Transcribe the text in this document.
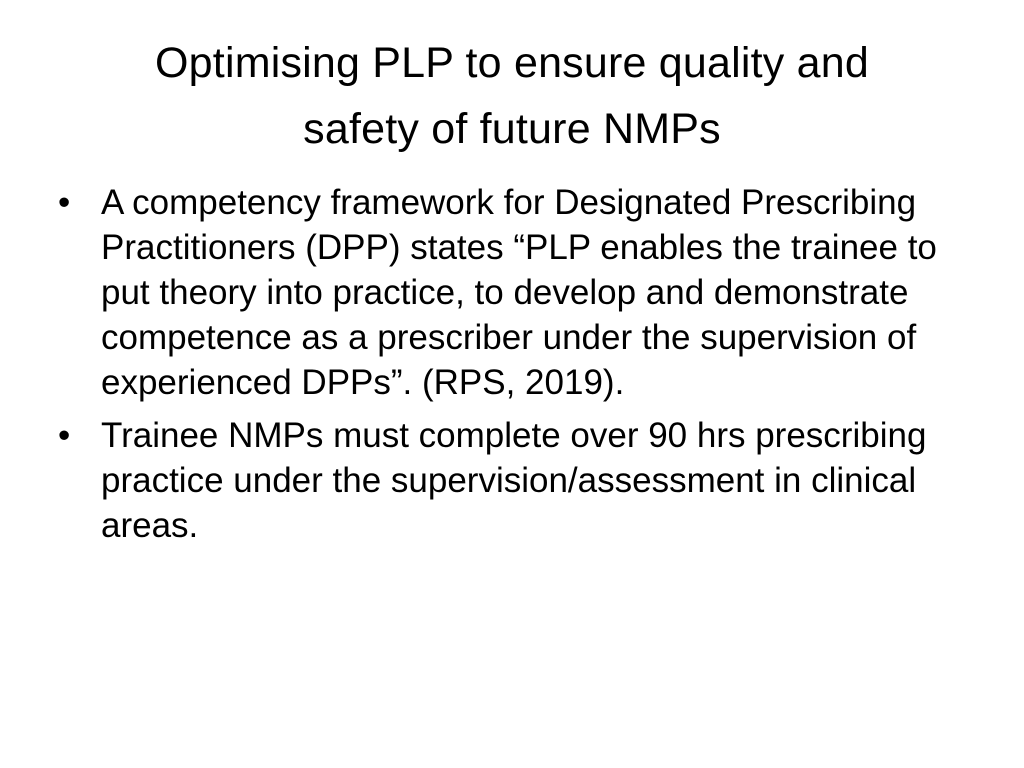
Optimising PLP to ensure quality and
safety of future NMPs
• A competency framework for Designated Prescribing Practitioners (DPP) states “PLP enables the trainee to put theory into practice, to develop and demonstrate competence as a prescriber under the supervision of experienced DPPs”. (RPS, 2019).
• Trainee NMPs must complete over 90 hrs prescribing practice under the supervision/assessment in clinical areas.
